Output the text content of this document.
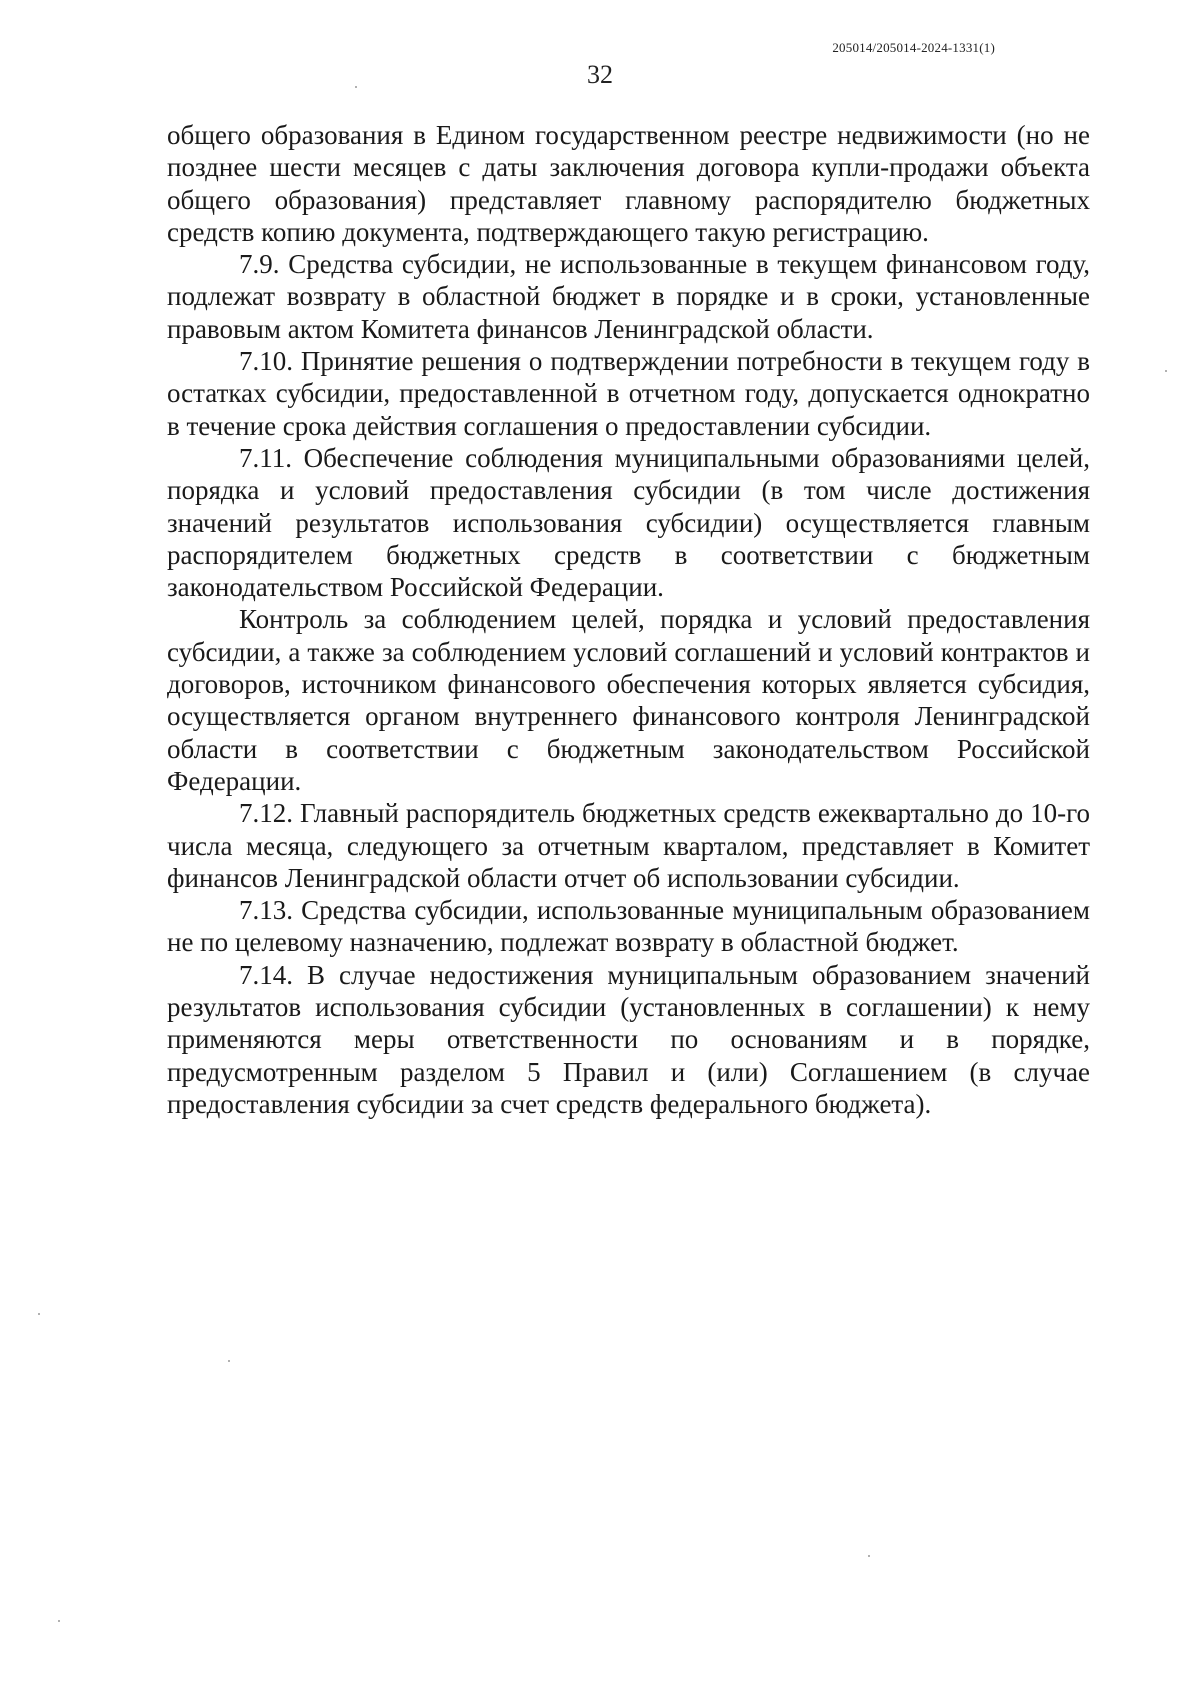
205014/205014-2024-1331(1)
32

общего образования в Едином государственном реестре недвижимости (но не позднее шести месяцев с даты заключения договора купли-продажи объекта общего образования) представляет главному распорядителю бюджетных средств копию документа, подтверждающего такую регистрацию.

7.9. Средства субсидии, не использованные в текущем финансовом году, подлежат возврату в областной бюджет в порядке и в сроки, установленные правовым актом Комитета финансов Ленинградской области.

7.10. Принятие решения о подтверждении потребности в текущем году в остатках субсидии, предоставленной в отчетном году, допускается однократно в течение срока действия соглашения о предоставлении субсидии.

7.11. Обеспечение соблюдения муниципальными образованиями целей, порядка и условий предоставления субсидии (в том числе достижения значений результатов использования субсидии) осуществляется главным распорядителем бюджетных средств в соответствии с бюджетным законодательством Российской Федерации.

Контроль за соблюдением целей, порядка и условий предоставления субсидии, а также за соблюдением условий соглашений и условий контрактов и договоров, источником финансового обеспечения которых является субсидия, осуществляется органом внутреннего финансового контроля Ленинградской области в соответствии с бюджетным законодательством Российской Федерации.

7.12. Главный распорядитель бюджетных средств ежеквартально до 10-го числа месяца, следующего за отчетным кварталом, представляет в Комитет финансов Ленинградской области отчет об использовании субсидии.

7.13. Средства субсидии, использованные муниципальным образованием не по целевому назначению, подлежат возврату в областной бюджет.

7.14. В случае недостижения муниципальным образованием значений результатов использования субсидии (установленных в соглашении) к нему применяются меры ответственности по основаниям и в порядке, предусмотренным разделом 5 Правил и (или) Соглашением (в случае предоставления субсидии за счет средств федерального бюджета).
